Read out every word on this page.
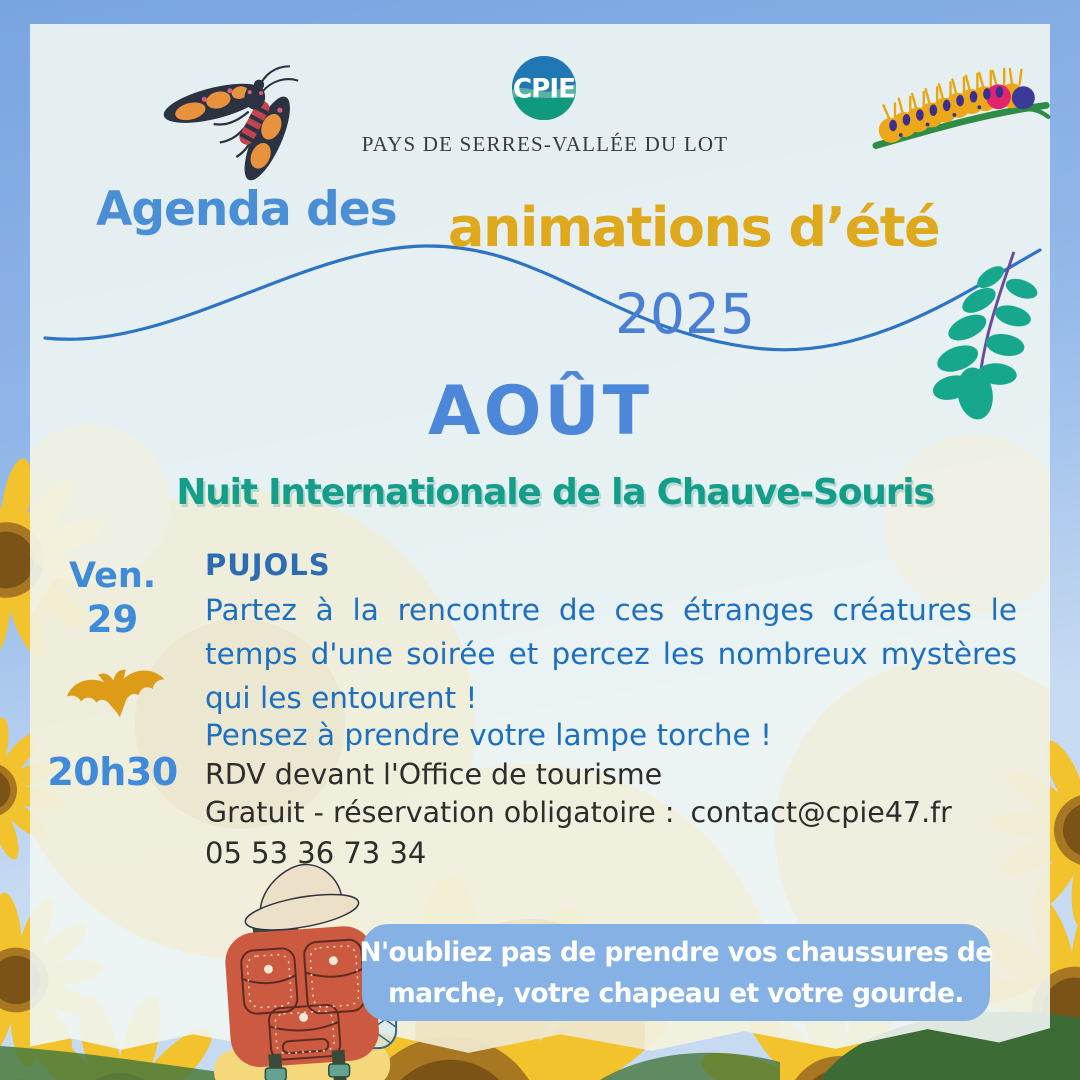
CPIE
PAYS DE SERRES-VALLÉE DU LOT
Agenda des animations d’été
2025
AOÛT
Nuit Internationale de la Chauve-Souris
Ven.
29
20h30
PUJOLS
Partez à la rencontre de ces étranges créatures le temps d'une soirée et percez les nombreux mystères qui les entourent !
Pensez à prendre votre lampe torche !
RDV devant l'Office de tourisme
Gratuit - réservation obligatoire : contact@cpie47.fr
05 53 36 73 34
N'oubliez pas de prendre vos chaussures de
marche, votre chapeau et votre gourde.
